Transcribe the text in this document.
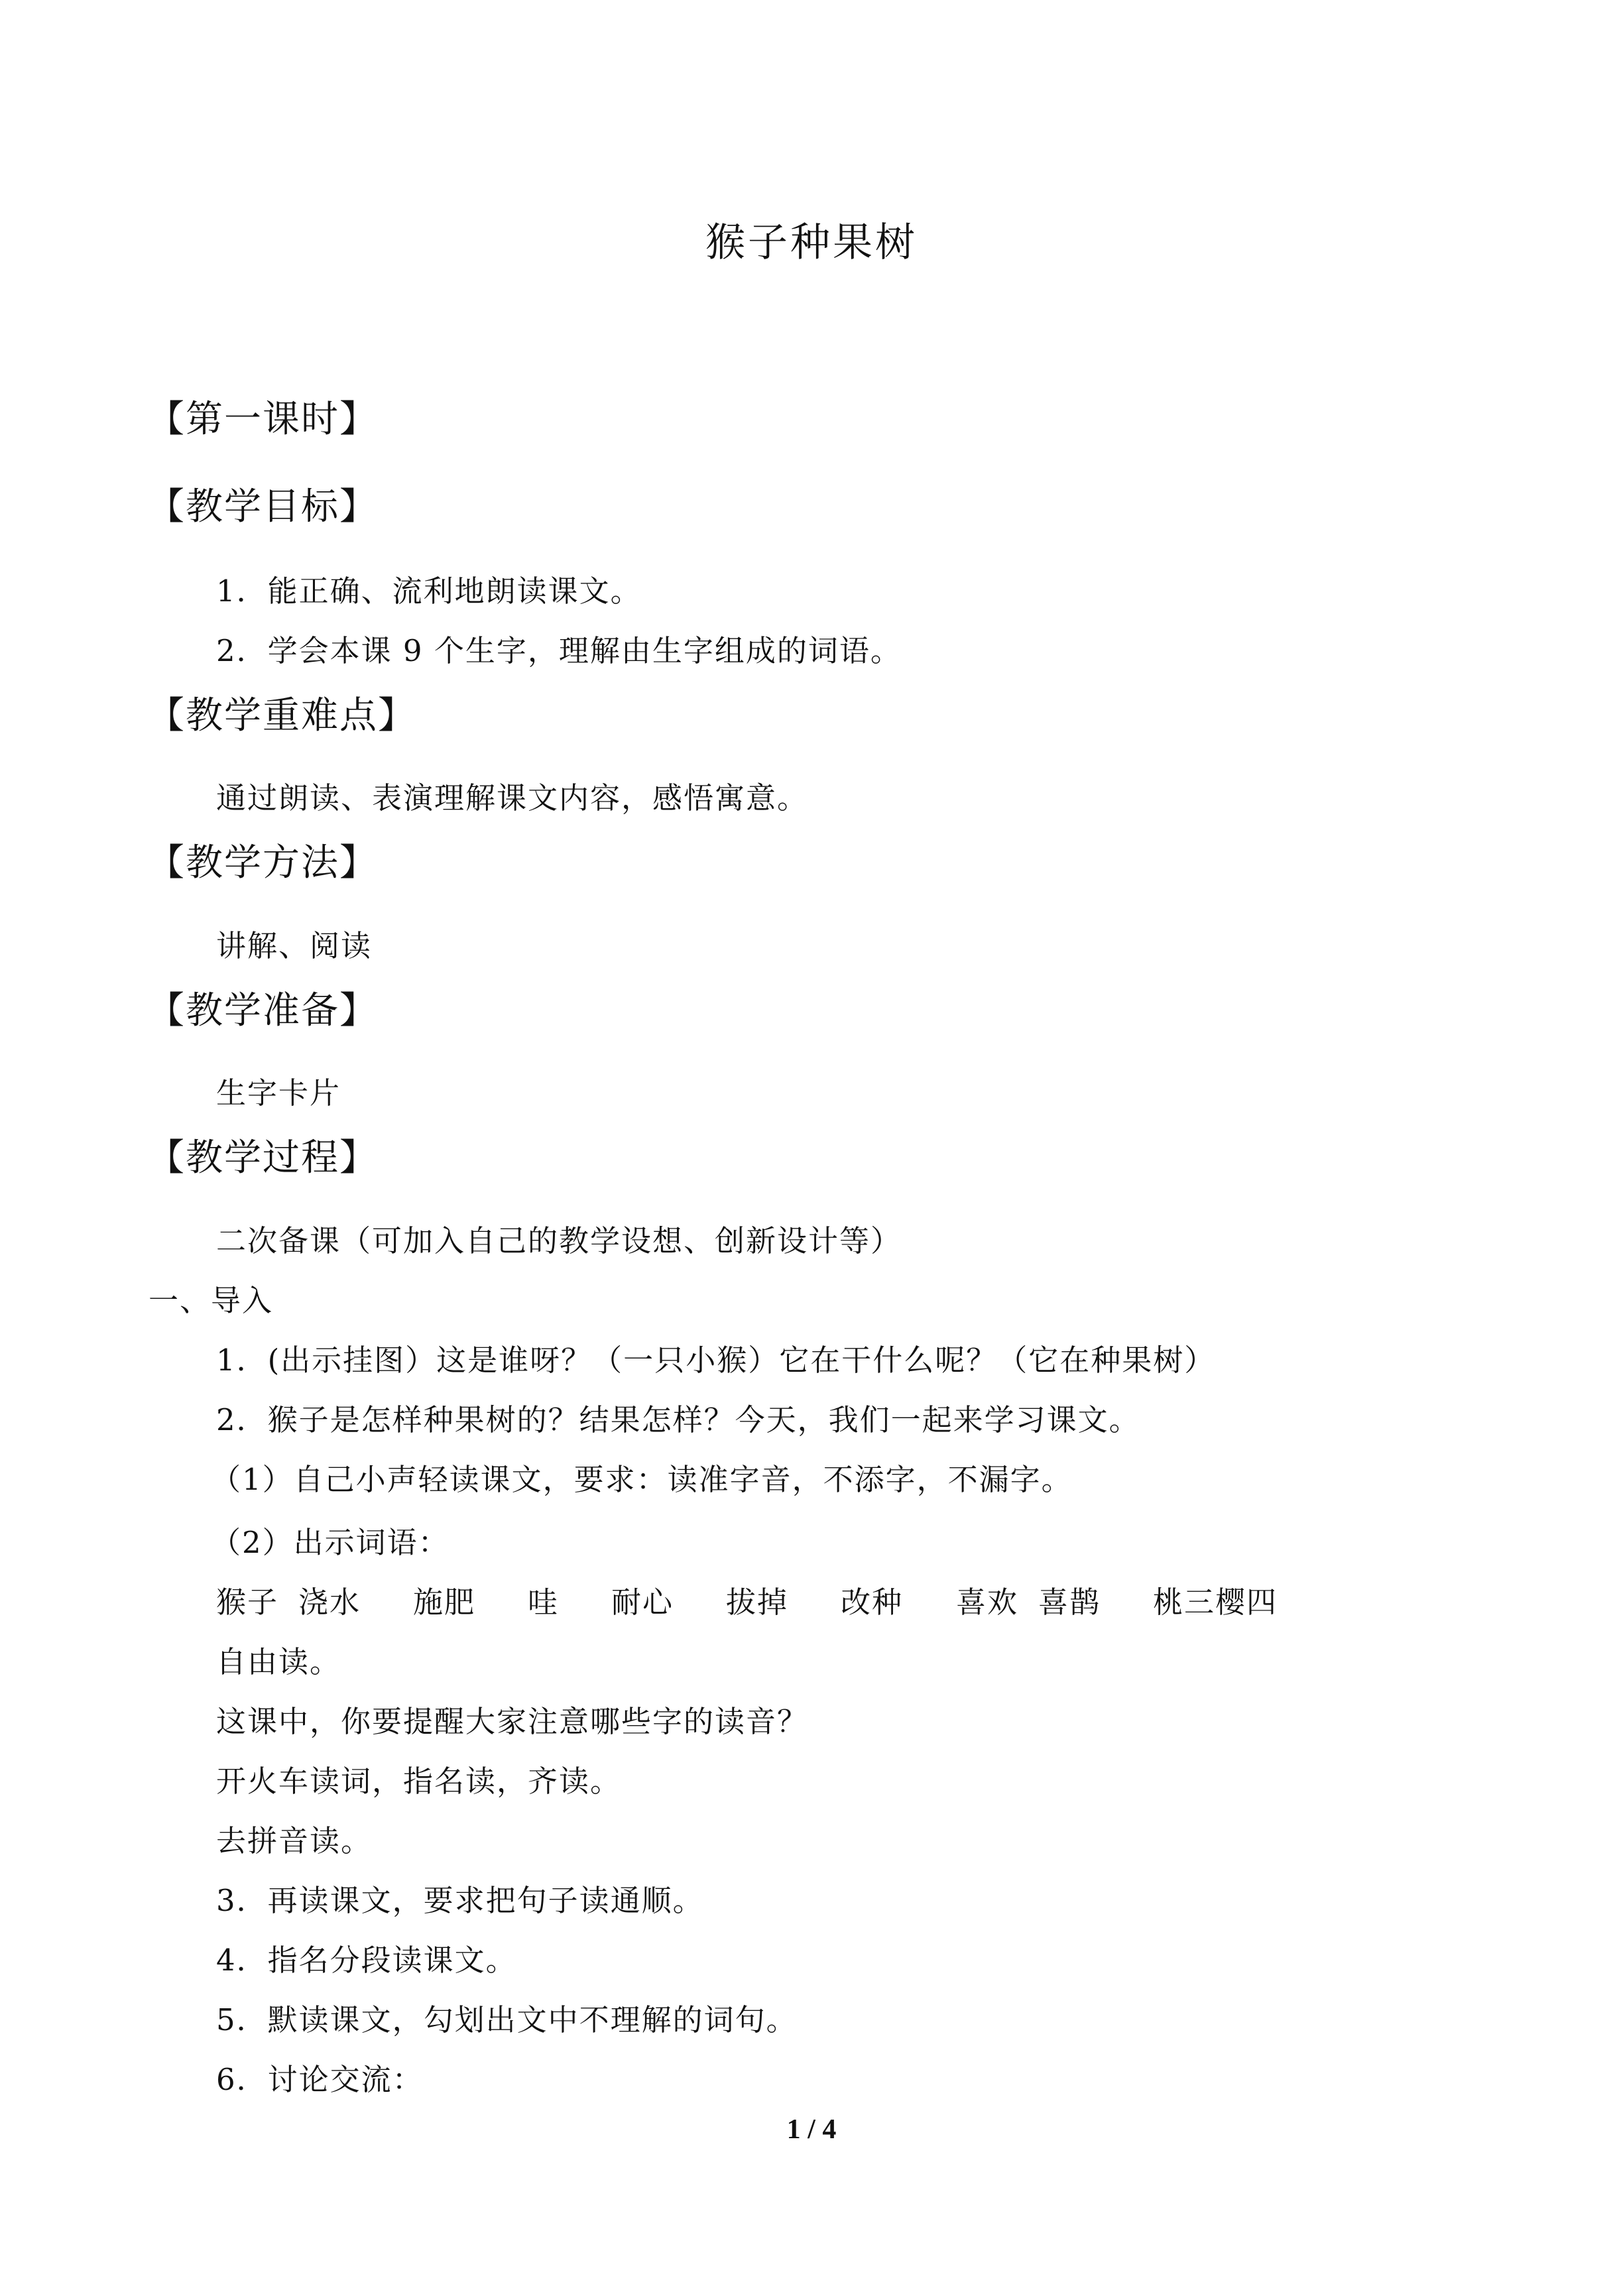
猴子种果树
【第一课时】
【教学目标】
1．能正确、流利地朗读课文。
2．学会本课 9 个生字，理解由生字组成的词语。
【教学重难点】
通过朗读、表演理解课文内容，感悟寓意。
【教学方法】
讲解、阅读
【教学准备】
生字卡片
【教学过程】
二次备课（可加入自己的教学设想、创新设计等）
一、导入
1．(出示挂图）这是谁呀？（一只小猴）它在干什么呢？（它在种果树）
2．猴子是怎样种果树的？结果怎样？今天，我们一起来学习课文。
（1）自己小声轻读课文，要求：读准字音，不添字，不漏字。
（2）出示词语：
猴子 浇水 施肥 哇 耐心 拔掉 改种 喜欢 喜鹊 桃三樱四
自由读。
这课中，你要提醒大家注意哪些字的读音？
开火车读词，指名读，齐读。
去拼音读。
3．再读课文，要求把句子读通顺。
4．指名分段读课文。
5．默读课文，勾划出文中不理解的词句。
6．讨论交流：
1 / 4
